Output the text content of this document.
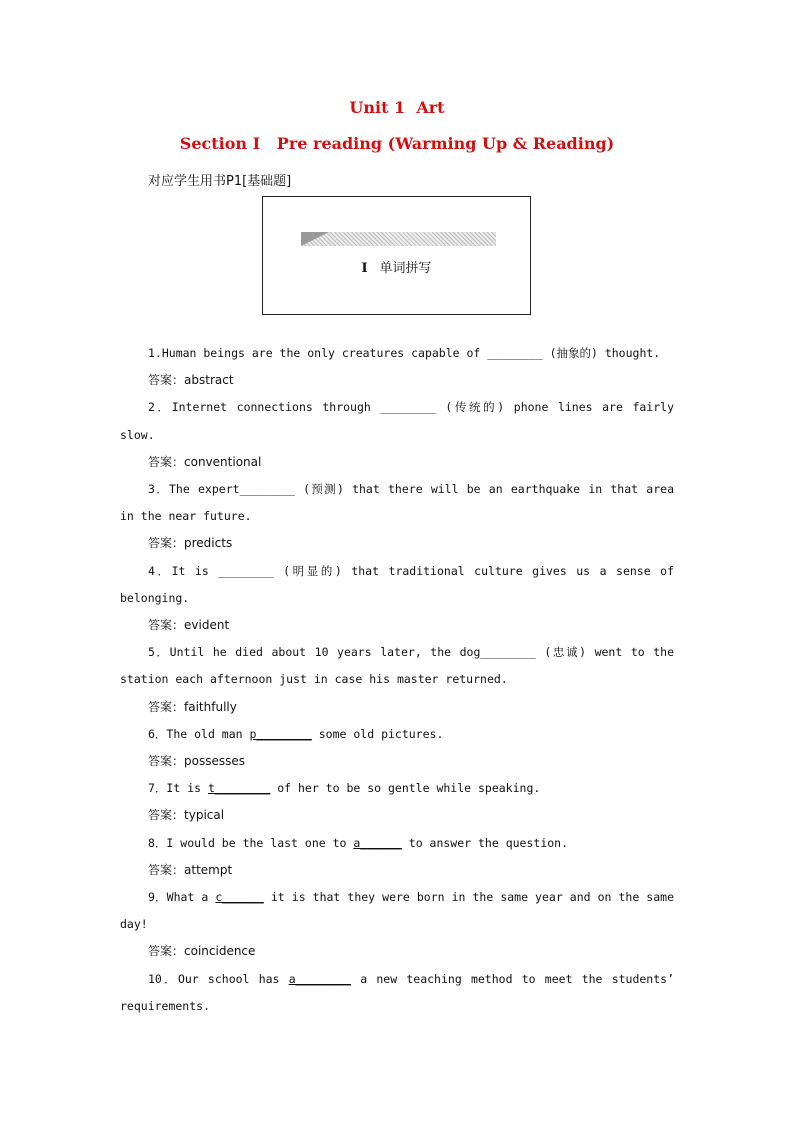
Unit 1  Art
Section Ⅰ   Pre reading (Warming Up & Reading)

对应学生用书P1[基础题]

Ⅰ 单词拼写

1.Human beings are the only creatures capable of ________ (抽象的) thought.

答案：abstract

2．Internet connections through ________ (传统的) phone lines are fairly slow.

答案：conventional

3．The expert________ (预测) that there will be an earthquake in that area in the near future.

答案：predicts

4．It is ________ (明显的) that traditional culture gives us a sense of belonging.

答案：evident

5．Until he died about 10 years later, the dog________ (忠诚) went to the station each afternoon just in case his master returned.

答案：faithfully

6．The old man p________ some old pictures.

答案：possesses

7．It is t________ of her to be so gentle while speaking.

答案：typical

8．I would be the last one to a______ to answer the question.

答案：attempt

9．What a c______ it is that they were born in the same year and on the same day!

答案：coincidence

10．Our school has a________ a new teaching method to meet the students’ requirements.
